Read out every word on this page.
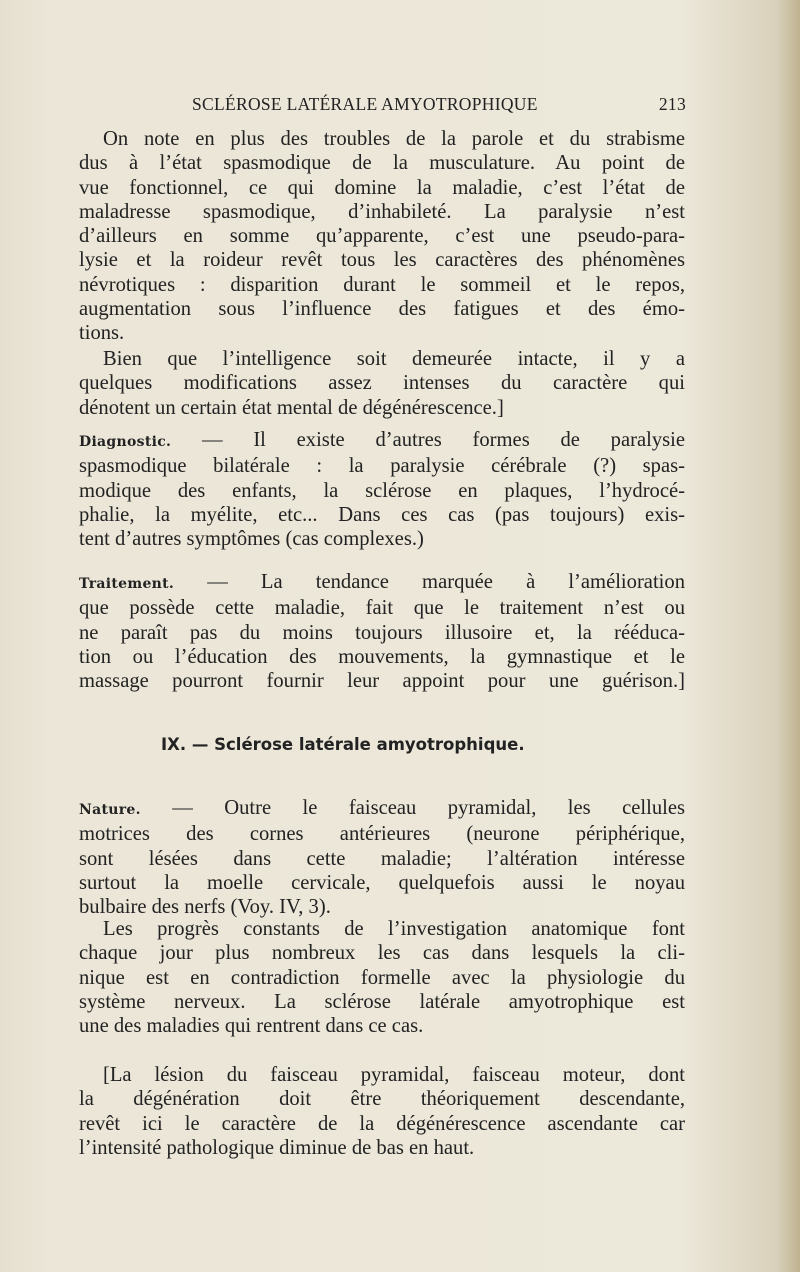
SCLÉROSE LATÉRALE AMYOTROPHIQUE	213
On note en plus des troubles de la parole et du strabisme
dus à l’état spasmodique de la musculature. Au point de
vue fonctionnel, ce qui domine la maladie, c’est l’état de
maladresse spasmodique, d’inhabileté. La paralysie n’est
d’ailleurs en somme qu’apparente, c’est une pseudo-para-
lysie et la roideur revêt tous les caractères des phénomènes
névrotiques : disparition durant le sommeil et le repos,
augmentation sous l’influence des fatigues et des émo-
tions.
Bien que l’intelligence soit demeurée intacte, il y a
quelques modifications assez intenses du caractère qui
dénotent un certain état mental de dégénérescence.]
Diagnostic. — Il existe d’autres formes de paralysie
spasmodique bilatérale : la paralysie cérébrale (?) spas-
modique des enfants, la sclérose en plaques, l’hydrocé-
phalie, la myélite, etc... Dans ces cas (pas toujours) exis-
tent d’autres symptômes (cas complexes.)
Traitement. — La tendance marquée à l’amélioration
que possède cette maladie, fait que le traitement n’est ou
ne paraît pas du moins toujours illusoire et, la rééduca-
tion ou l’éducation des mouvements, la gymnastique et le
massage pourront fournir leur appoint pour une guérison.]
IX. — Sclérose latérale amyotrophique.
Nature. — Outre le faisceau pyramidal, les cellules
motrices des cornes antérieures (neurone périphérique,
sont lésées dans cette maladie; l’altération intéresse
surtout la moelle cervicale, quelquefois aussi le noyau
bulbaire des nerfs (Voy. IV, 3).
Les progrès constants de l’investigation anatomique font
chaque jour plus nombreux les cas dans lesquels la cli-
nique est en contradiction formelle avec la physiologie du
système nerveux. La sclérose latérale amyotrophique est
une des maladies qui rentrent dans ce cas.
[La lésion du faisceau pyramidal, faisceau moteur, dont
la dégénération doit être théoriquement descendante,
revêt ici le caractère de la dégénérescence ascendante car
l’intensité pathologique diminue de bas en haut.
